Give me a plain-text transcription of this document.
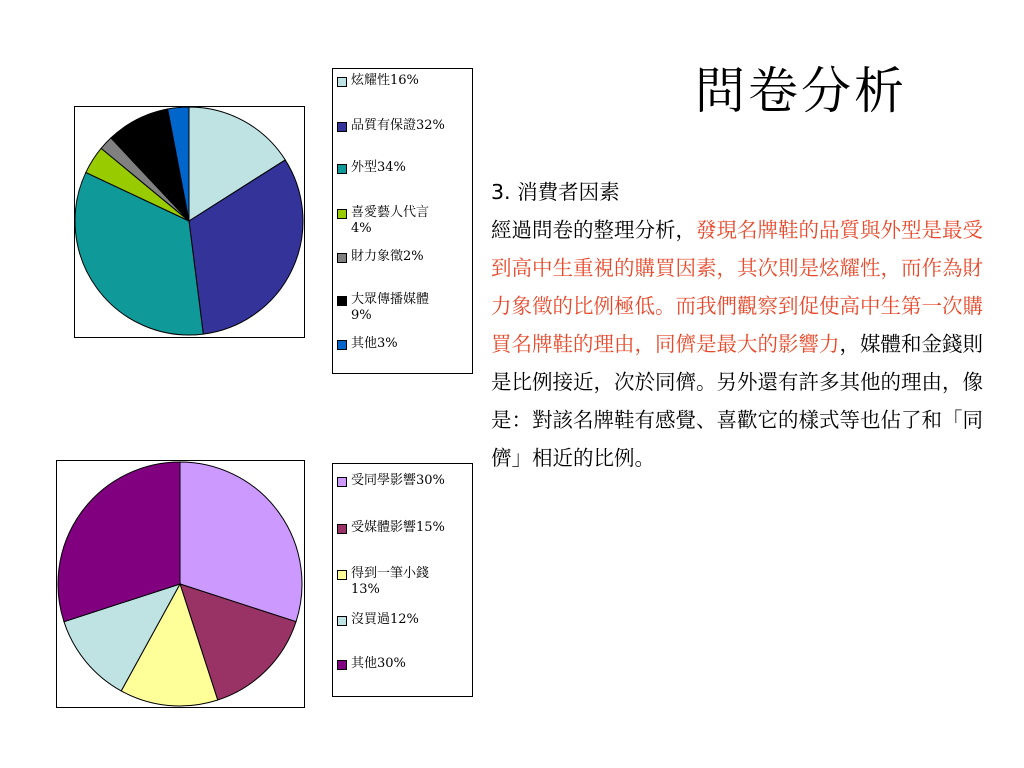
問卷分析
炫耀性16%
品質有保證32%
外型34%
喜愛藝人代言
4%
財力象徵2%
大眾傳播媒體
9%
其他3%
受同學影響30%
受媒體影響15%
得到一筆小錢
13%
沒買過12%
其他30%
3. 消費者因素
經過問卷的整理分析，發現名牌鞋的品質與外型是最受到高中生重視的購買因素，其次則是炫耀性，而作為財力象徵的比例極低。而我們觀察到促使高中生第一次購買名牌鞋的理由，同儕是最大的影響力，媒體和金錢則是比例接近，次於同儕。另外還有許多其他的理由，像是：對該名牌鞋有感覺、喜歡它的樣式等也佔了和「同儕」相近的比例。
